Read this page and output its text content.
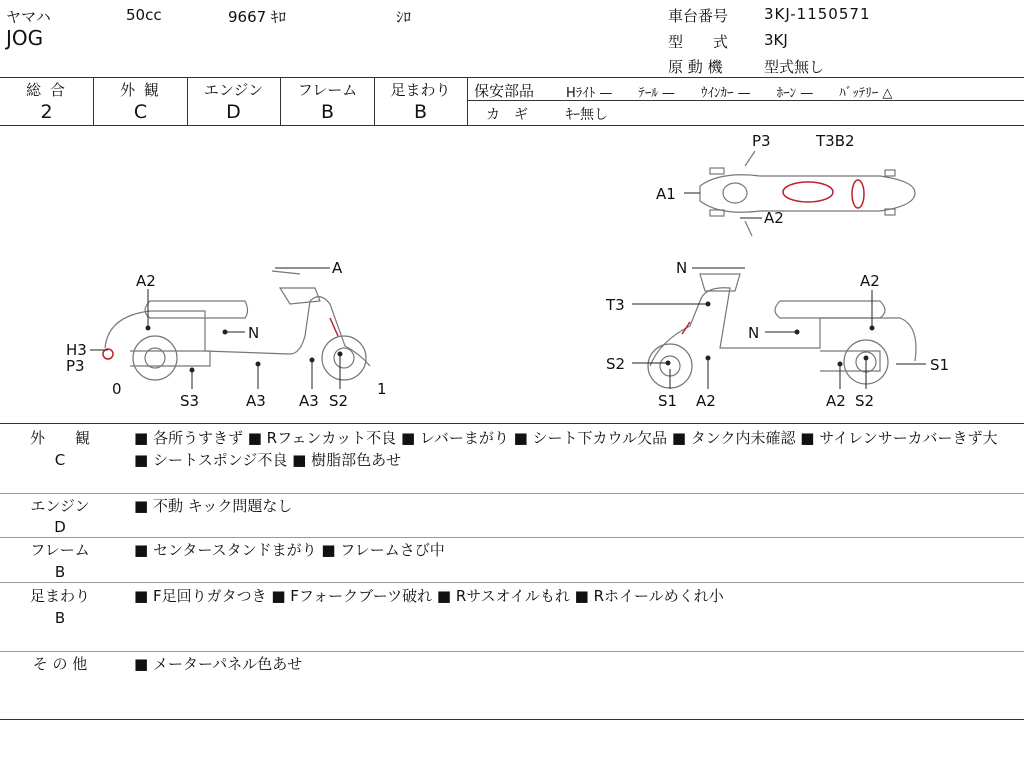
ヤマハ	50cc	9667 ｷﾛ	ｼﾛ
JOG
車台番号 3KJ-1150571
型　　式 3KJ
原 動 機	型式無し
総 合
2
外 観
C
エンジン
D
フレーム
B
足まわり
B
保安部品 Hﾗｲﾄ —　　ﾃｰﾙ —　　ｳｲﾝｶｰ —　　ﾎｰﾝ —　　ﾊﾞｯﾃﾘｰ △
カ　ギ	ｷｰ無し
P3	T3B2
A1
A2
A2
A
N
H3
P3
0
S3	A3 A3 S2
1
N
A2
T3
N
S2	S1
S1 A2	A2 S2
外　　観
C
■ 各所うすきず ■ Rフェンカット不良 ■ レバーまがり ■ シート下カウル欠品 ■ タンク内未確認 ■ サイレンサーカバーきず大 ■ シートスポンジ不良 ■ 樹脂部色あせ
エンジン
D
■ 不動 キック問題なし
フレーム
B
■ センタースタンドまがり ■ フレームさび中
足まわり
B
■ F足回りガタつき ■ Fフォークブーツ破れ ■ Rサスオイルもれ ■ Rホイールめくれ小
そ の 他	■ メーターパネル色あせ
